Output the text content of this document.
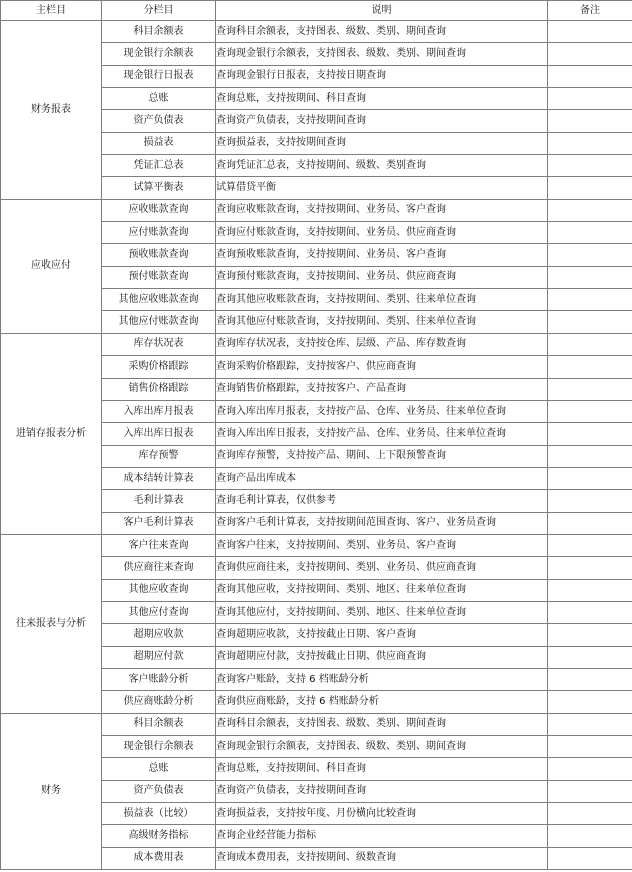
主栏目	分栏目	说明	备注
财务报表	科目余额表	查询科目余额表，支持图表、级数、类别、期间查询	
	现金银行余额表	查询现金银行余额表，支持图表、级数、类别、期间查询	
	现金银行日报表	查询现金银行日报表，支持按日期查询	
	总账	查询总账，支持按期间、科目查询	
	资产负债表	查询资产负债表，支持按期间查询	
	损益表	查询损益表，支持按期间查询	
	凭证汇总表	查询凭证汇总表，支持按期间、级数、类别查询	
	试算平衡表	试算借贷平衡	
应收应付	应收账款查询	查询应收账款查询，支持按期间、业务员、客户查询	
	应付账款查询	查询应付账款查询，支持按期间、业务员、供应商查询	
	预收账款查询	查询预收账款查询，支持按期间、业务员、客户查询	
	预付账款查询	查询预付账款查询，支持按期间、业务员、供应商查询	
	其他应收账款查询	查询其他应收账款查询，支持按期间、类别、往来单位查询	
	其他应付账款查询	查询其他应付账款查询，支持按期间、类别、往来单位查询	
进销存报表分析	库存状况表	查询库存状况表，支持按仓库、层级、产品、库存数查询	
	采购价格跟踪	查询采购价格跟踪，支持按客户、供应商查询	
	销售价格跟踪	查询销售价格跟踪，支持按客户、产品查询	
	入库出库月报表	查询入库出库月报表，支持按产品、仓库、业务员、往来单位查询	
	入库出库日报表	查询入库出库日报表，支持按产品、仓库、业务员、往来单位查询	
	库存预警	查询库存预警，支持按产品、期间、上下限预警查询	
	成本结转计算表	查询产品出库成本	
	毛利计算表	查询毛利计算表，仅供参考	
	客户毛利计算表	查询客户毛利计算表，支持按期间范围查询、客户、业务员查询	
往来报表与分析	客户往来查询	查询客户往来，支持按期间、类别、业务员、客户查询	
	供应商往来查询	查询供应商往来，支持按期间、类别、业务员、供应商查询	
	其他应收查询	查询其他应收，支持按期间、类别、地区、往来单位查询	
	其他应付查询	查询其他应付，支持按期间、类别、地区、往来单位查询	
	超期应收款	查询超期应收款，支持按截止日期、客户查询	
	超期应付款	查询超期应付款，支持按截止日期、供应商查询	
	客户账龄分析	查询客户账龄，支持 6 档账龄分析	
	供应商账龄分析	查询供应商账龄，支持 6 档账龄分析	
财务	科目余额表	查询科目余额表，支持图表、级数、类别、期间查询	
	现金银行余额表	查询现金银行余额表，支持图表、级数、类别、期间查询	
	总账	查询总账，支持按期间、科目查询	
	资产负债表	查询资产负债表，支持按期间查询	
	损益表（比较）	查询损益表，支持按年度、月份横向比较查询	
	高级财务指标	查询企业经营能力指标	
	成本费用表	查询成本费用表，支持按期间、级数查询	
